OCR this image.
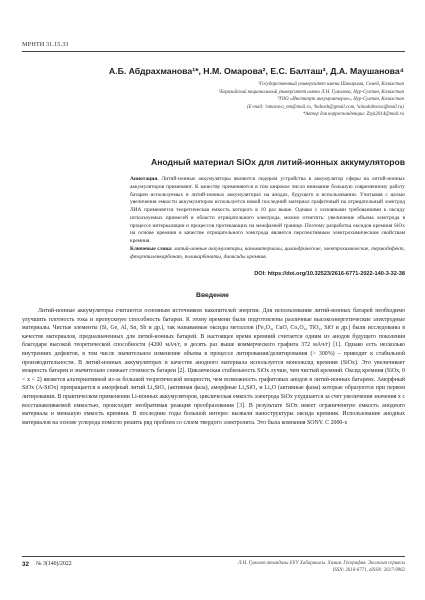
МРНТИ 31.15.33
А.Б. Абдрахманова¹*, Н.М. Омарова², Е.С. Балташ³, Д.А. Маушанова⁴
¹Государственный университет имени Шакарима, Семей, Казахстан
²Евразийский национальный университет имени Л.Н. Гумилева, Нур-Султан, Казахстан
³ТОО «Институт аккумуляторов», Нур-Султан, Казахстан
(E-mail: ¹omarova_nm@mail.ru, ²baltash@gmail.com, ³ainadabnova@mail.ru)
*Автор для корреспонденции: Zzyk2014@mail.ru
Анодный материал SiOx для литий-ионных аккумуляторов

Аннотация. Литий-ионные аккумуляторы являются лидером устройства в аккумулятор сферы на литий-ионных аккумуляторов применяют. К качеству применяются в том широкое число внимание большую современному работу батареи используемых в литий-ионных аккумуляторах на анодах, будущего в использовании. Учитывая с целью увеличения емкости аккумуляторов используется новой последний материал графитовый на отрицательный электрод ЛИА применяется теоретическая емкость которого в 10 раз выше. Однако с основными требованиями к оксиду используемых примесей в области отрицательного электрода, можно отметить: увеличение объема электрода в процессе интеркаляции и процессов протекающих на межфазной границе. Поэтому разработка оксидов кремния SiOx на основе кремния в качестве отрицательного электрода является перспективным электрохимическим свойствам кремния.

Ключевые слова: литий-ионные аккумуляторы, наноматериалы, цилиндрические, электрохимические, термодефект, фторэтиленкарбонат, поликарбонаты, диоксиды кремния.

DOI: https://doi.org/10.32523/2616-6771-2022-140-3-32-38
Введение

Литий-ионные аккумуляторы считаются основным источником накопителей энергии. Для использования литий-ионных батарей необходимо улучшить плотность тока и пропускную способность батареи. К этому времени были подготовлены различные высокоэнергетические электродные материалы. Чистые элементы (Si, Ge, Al, Sn, Sb и др.), так называемые оксиды металлов (Fe₂O₃, CuO, Co₃O₄, TiO₂, SiO и др.) были исследованы в качестве материалов, предназначенных для литий-ионных батарей. В настоящее время кремний считается одним из анодов будущего поколения благодаря высокой теоретической способности (4200 мАч/г, в десять раз выше коммерческого графита 372 мАч/г) [1]. Однако есть несколько внутренних дефектов, в том числе значительное изменение объема в процессе литирования/делитирования (> 300%) – приводит к стабильной производительности. В литий-ионных аккумуляторах в качестве анодного материала используется монооксид кремния (SiOx). Это увеличивает мощность батареи и значительно снижает стоимость батареи [2]. Циклическая стабильность SiOx лучше, чем чистый кремний. Оксид кремния (SiOx, 0 < x < 2) является альтернативной из-за большей теоретической мощности, чем возможность графитовых анодов в литий-ионных батареях. Аморфный SiOx (A-SiOx) превращается в аморфный литий Li₂SiO₃ (активная фаза), аморфные Li₄SiO₄ и Li₂O (активные фазы) которые образуются при первом литировании. В практическом применении Li-ионных аккумуляторов, циклическая емкость электрода SiOx ухудшается за счет увеличения значения x с восстанавливаемой емкостью, происходит необратимая реакция преобразования [3]. В результате SiOx имеет ограниченную емкость анодного материала и меньшую емкость кремния. В последние годы большой интерес вызвали наноструктуры оксида кремния. Использование анодных материалов на основе углерода помогло решить ряд проблем со слоем твердого электролита. Это была компания SONY. С 2000-х

32 № 3(140)/2022	Л.Н. Гумилев атындағы ЕҰУ Хабаршысы. Химия. География. Экология сериясы
ISSN: 2616-6771, eISSN: 2617-9962
